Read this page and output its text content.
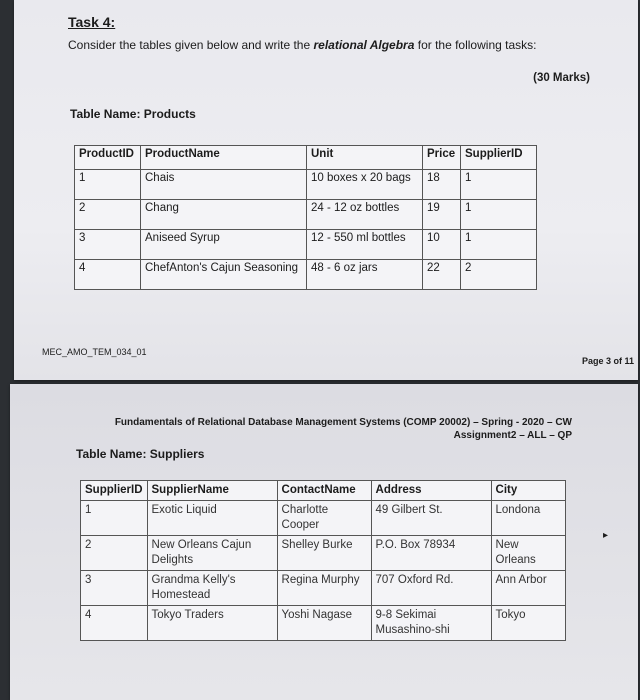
Task 4:
Consider the tables given below and write the relational Algebra for the following tasks:
(30 Marks)
Table Name: Products
ProductID	ProductName	Unit	Price	SupplierID
1	Chais	10 boxes x 20 bags	18	1
2	Chang	24 - 12 oz bottles	19	1
3	Aniseed Syrup	12 - 550 ml bottles	10	1
4	ChefAnton's Cajun Seasoning	48 - 6 oz jars	22	2
MEC_AMO_TEM_034_01
Page 3 of 11
Fundamentals of Relational Database Management Systems (COMP 20002) – Spring - 2020 – CW
Assignment2 – ALL – QP
Table Name: Suppliers
SupplierID	SupplierName	ContactName	Address	City
1	Exotic Liquid	Charlotte Cooper	49 Gilbert St.	Londona
2	New Orleans Cajun Delights	Shelley Burke	P.O. Box 78934	New Orleans
3	Grandma Kelly's Homestead	Regina Murphy	707 Oxford Rd.	Ann Arbor
4	Tokyo Traders	Yoshi Nagase	9-8 Sekimai Musashino-shi	Tokyo
▸
